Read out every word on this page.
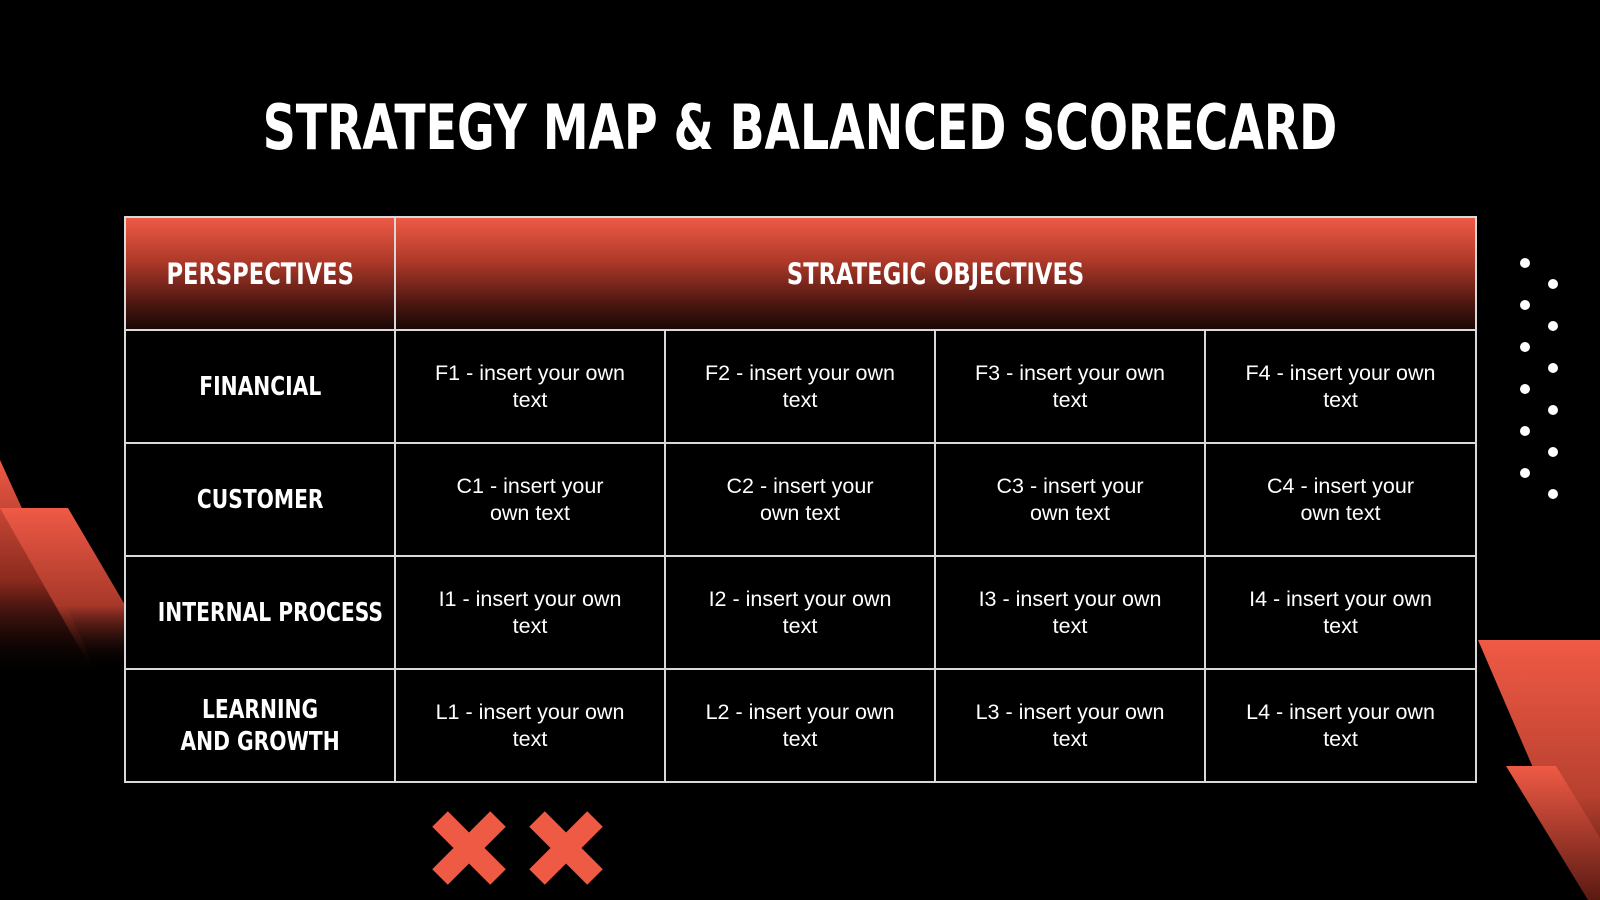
STRATEGY MAP & BALANCED SCORECARD
PERSPECTIVES	STRATEGIC OBJECTIVES			
FINANCIAL	F1 - insert your own text	F2 - insert your own text	F3 - insert your own text	F4 - insert your own text
CUSTOMER	C1 - insert your own text	C2 - insert your own text	C3 - insert your own text	C4 - insert your own text
INTERNAL PROCESS	I1 - insert your own text	I2 - insert your own text	I3 - insert your own text	I4 - insert your own text
LEARNING
AND GROWTH	L1 - insert your own text	L2 - insert your own text	L3 - insert your own text	L4 - insert your own text
